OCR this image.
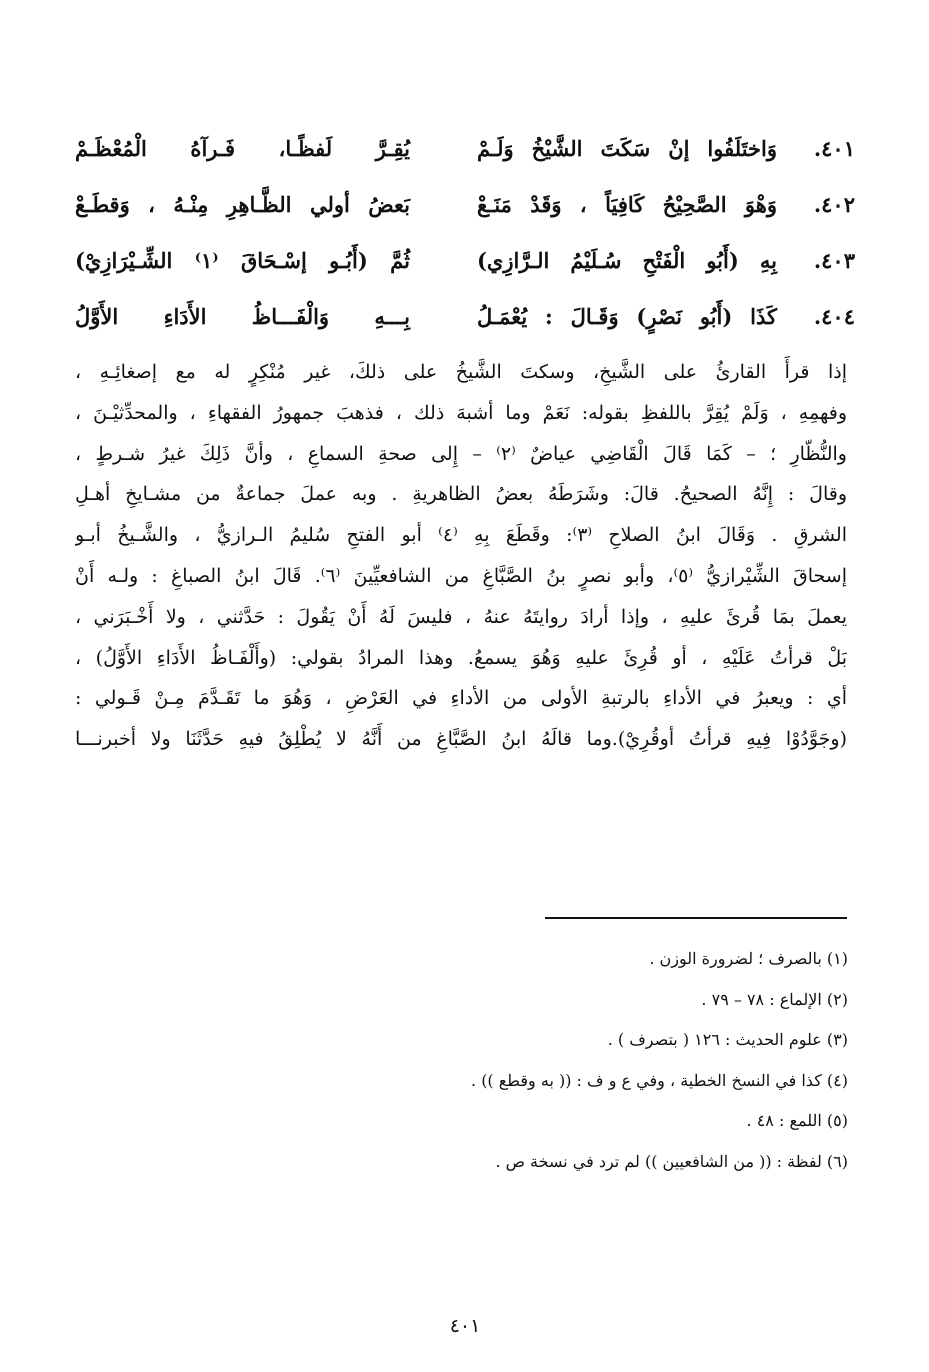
٤٠١.
وَاختَلَفُوا إنْ سَكَتَ الشَّيْخُ وَلَـمْ
يُقِـرَّ لَفظًـا، فَـرآهُ الْمُعْظَـمْ
٤٠٢.
وَهْوَ الصَّحِيْحُ كَافِيَاً ، وَقَدْ مَنَـعْ
بَعضُ أولي الظَّـاهِرِ مِنْـهُ ، وَقطَـعْ
٤٠٣.
بِهِ (أَبُو الْفَتْحِ سُـلَيْمُ الـرَّازِي)
ثُمَّ (أَبُـو إسْـحَاقَ ⁽١⁾ الشِّـيْرَازِيْ)
٤٠٤.
كَذَا (أَبُو نَصْرٍ) وَقَـالَ : يُعْمَـلُ
بِـــهِ وَالْفَـــاظُ الأَدَاءِ الأَوَّلُ
إذا قرأَ القارئُ على الشَّيخِ، وسكتَ الشَّيخُ على ذلكَ، غير مُنْكِرٍ له مع إصغائِـهِ ،
وفهمِهِ ، وَلَمْ يُقِرَّ باللفظِ بقوله: نَعَمْ وما أشبهَ ذلك ، فذهبَ جمهورُ الفقهاءِ ، والمحدِّثيْـنَ ،
والنُّظّارِ ؛ – كَمَا قَالَ الْقَاضِي عياضٌ ⁽٢⁾ – إِلى صحةِ السماعِ ، وأنَّ ذَلِكَ غيرُ شـرطٍ ،
وقالَ : إِنَّهُ الصحيحُ. قالَ: وشَرَطَهُ بعضُ الظاهريةِ . وبه عملَ جماعةٌ من مشـايخِ أهـلِ
الشرقِ . وَقَالَ ابنُ الصلاحِ ⁽٣⁾: وقَطَعَ بِهِ ⁽٤⁾ أبو الفتحِ سُليمُ الـرازيُّ ، والشَّـيخُ أبـو
إسحاقَ الشِّيْرازيُّ ⁽٥⁾، وأبو نصرٍ بنُ الصَّبَّاغِ من الشافعيِّينَ ⁽٦⁾. قَالَ ابنُ الصباغِ : ولـه أَنْ
يعملَ بمَا قُرئَ عليهِ ، وإذا أرادَ روايتَهُ عنهُ ، فليسَ لَهُ أَنْ يَقُولَ : حَدَّثني ، ولا أَخْـبَرَني ،
بَلْ قرأتُ عَلَيْهِ ، أو قُرِئَ عليهِ وَهُوَ يسمعُ. وهذا المرادُ بقولي: (وأَلْفَـاظُ الأَدَاءِ الأَوَّلُ) ،
أي : ويعبرُ في الأداءِ بالرتبةِ الأولى من الأداءِ في العَرْضِ ، وَهُوَ ما تَقَـدَّمَ مِـنْ قَـولي :
(وجَوَّدُوْا فِيهِ قرأتُ أوقُرِيْ).وما قالَهُ ابنُ الصَّبَّاغِ من أَنَّهُ لا يُطْلِقُ فيهِ حَدَّثَنَا ولا أخبرنـــا
(١) بالصرف ؛ لضرورة الوزن .
(٢) الإلماع : ٧٨ – ٧٩ .
(٣) علوم الحديث : ١٢٦ ( بتصرف ) .
(٤) كذا في النسخ الخطية ، وفي ع و ف : (( به وقطع )) .
(٥) اللمع : ٤٨ .
(٦) لفظة : (( من الشافعيين )) لم ترد في نسخة ص .
٤٠١
